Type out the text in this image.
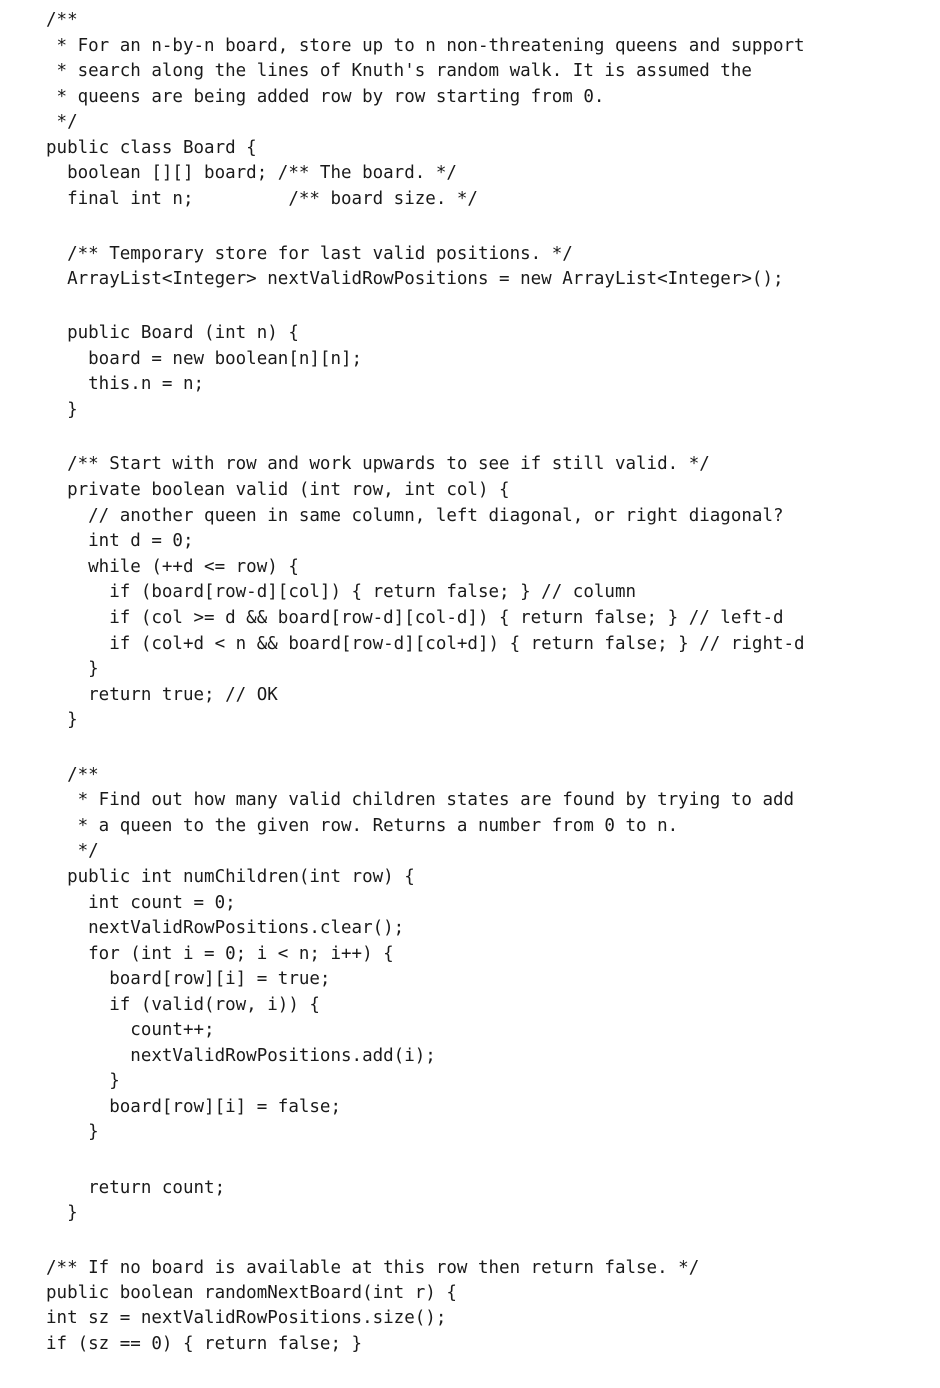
/**
* For an n-by-n board, store up to n non-threatening queens and support
* search along the lines of Knuth's random walk. It is assumed the
* queens are being added row by row starting from 0.
*/
public class Board {
boolean [][] board; /** The board. */
final int n;         /** board size. */
/** Temporary store for last valid positions. */
ArrayList<Integer> nextValidRowPositions = new ArrayList<Integer>();
public Board (int n) {
board = new boolean[n][n];
this.n = n;
}
/** Start with row and work upwards to see if still valid. */
private boolean valid (int row, int col) {
// another queen in same column, left diagonal, or right diagonal?
int d = 0;
while (++d <= row) {
if (board[row-d][col]) { return false; } // column
if (col >= d && board[row-d][col-d]) { return false; } // left-d
if (col+d < n && board[row-d][col+d]) { return false; } // right-d
}
return true; // OK
}
/**
* Find out how many valid children states are found by trying to add
* a queen to the given row. Returns a number from 0 to n.
*/
public int numChildren(int row) {
int count = 0;
nextValidRowPositions.clear();
for (int i = 0; i < n; i++) {
board[row][i] = true;
if (valid(row, i)) {
count++;
nextValidRowPositions.add(i);
}
board[row][i] = false;
}
return count;
}
/** If no board is available at this row then return false. */
public boolean randomNextBoard(int r) {
int sz = nextValidRowPositions.size();
if (sz == 0) { return false; }
